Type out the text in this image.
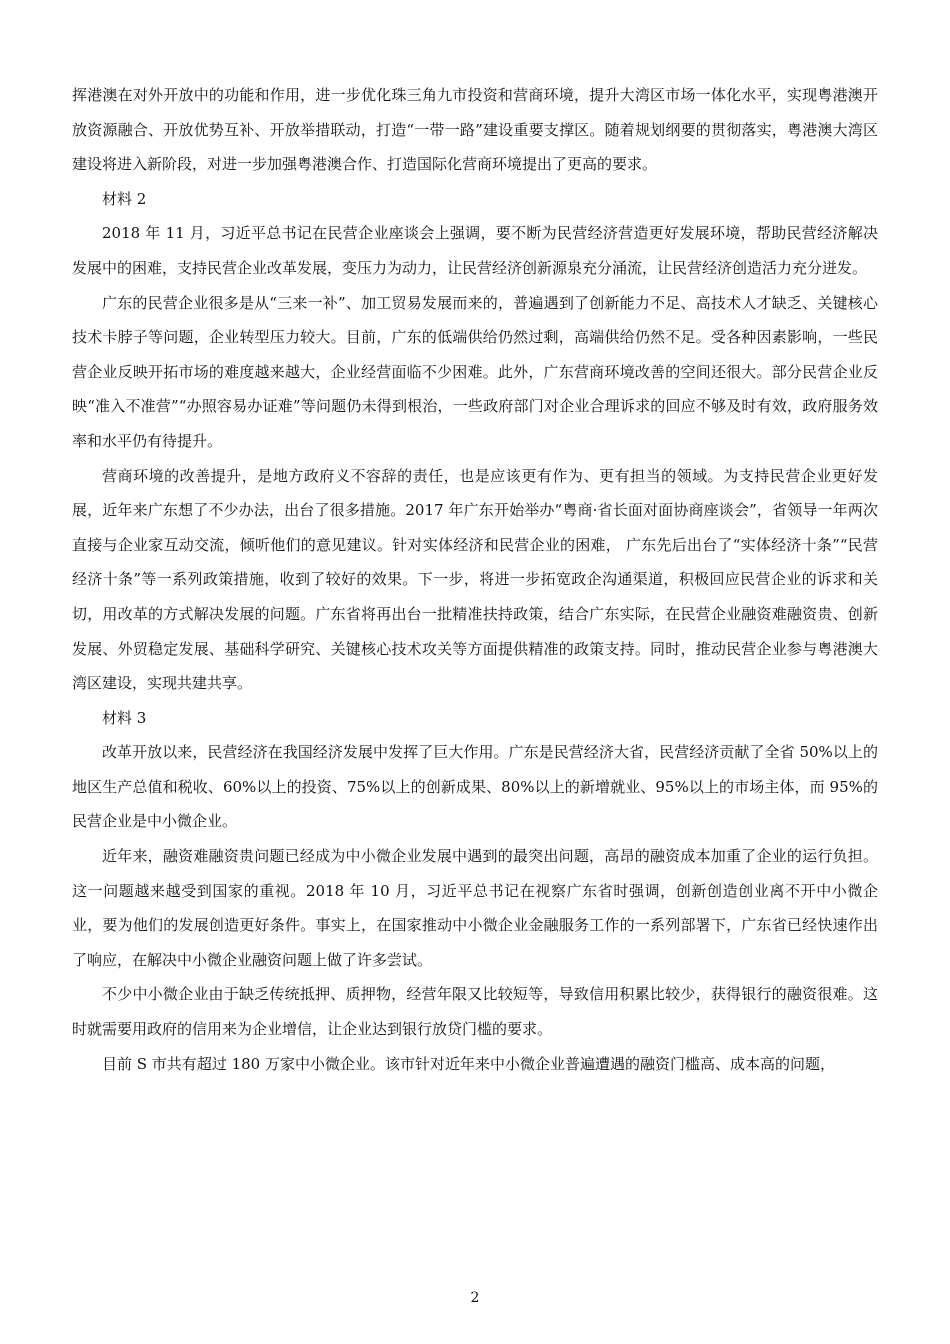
挥港澳在对外开放中的功能和作用，进一步优化珠三角九市投资和营商环境，提升大湾区市场一体化水平，实现粤港澳开放资源融合、开放优势互补、开放举措联动，打造“一带一路”建设重要支撑区。随着规划纲要的贯彻落实，粤港澳大湾区建设将进入新阶段，对进一步加强粤港澳合作、打造国际化营商环境提出了更高的要求。

材料 2

2018 年 11 月，习近平总书记在民营企业座谈会上强调，要不断为民营经济营造更好发展环境，帮助民营经济解决发展中的困难，支持民营企业改革发展，变压力为动力，让民营经济创新源泉充分涌流，让民营经济创造活力充分迸发。

广东的民营企业很多是从“三来一补”、加工贸易发展而来的，普遍遇到了创新能力不足、高技术人才缺乏、关键核心技术卡脖子等问题，企业转型压力较大。目前，广东的低端供给仍然过剩，高端供给仍然不足。受各种因素影响，一些民营企业反映开拓市场的难度越来越大，企业经营面临不少困难。此外，广东营商环境改善的空间还很大。部分民营企业反映“准入不准营”“办照容易办证难”等问题仍未得到根治，一些政府部门对企业合理诉求的回应不够及时有效，政府服务效率和水平仍有待提升。

营商环境的改善提升，是地方政府义不容辞的责任，也是应该更有作为、更有担当的领域。为支持民营企业更好发展，近年来广东想了不少办法，出台了很多措施。2017 年广东开始举办“粤商·省长面对面协商座谈会”，省领导一年两次直接与企业家互动交流，倾听他们的意见建议。针对实体经济和民营企业的困难， 广东先后出台了“实体经济十条”“民营经济十条”等一系列政策措施，收到了较好的效果。下一步，将进一步拓宽政企沟通渠道，积极回应民营企业的诉求和关切，用改革的方式解决发展的问题。广东省将再出台一批精准扶持政策，结合广东实际，在民营企业融资难融资贵、创新发展、外贸稳定发展、基础科学研究、关键核心技术攻关等方面提供精准的政策支持。同时，推动民营企业参与粤港澳大湾区建设，实现共建共享。

材料 3

改革开放以来，民营经济在我国经济发展中发挥了巨大作用。广东是民营经济大省，民营经济贡献了全省 50%以上的地区生产总值和税收、60%以上的投资、75%以上的创新成果、80%以上的新增就业、95%以上的市场主体，而 95%的民营企业是中小微企业。

近年来，融资难融资贵问题已经成为中小微企业发展中遇到的最突出问题，高昂的融资成本加重了企业的运行负担。这一问题越来越受到国家的重视。2018 年 10 月，习近平总书记在视察广东省时强调，创新创造创业离不开中小微企业，要为他们的发展创造更好条件。事实上，在国家推动中小微企业金融服务工作的一系列部署下，广东省已经快速作出了响应，在解决中小微企业融资问题上做了许多尝试。

不少中小微企业由于缺乏传统抵押、质押物，经营年限又比较短等，导致信用积累比较少，获得银行的融资很难。这时就需要用政府的信用来为企业增信，让企业达到银行放贷门槛的要求。

目前 S 市共有超过 180 万家中小微企业。该市针对近年来中小微企业普遍遭遇的融资门槛高、成本高的问题，

2
